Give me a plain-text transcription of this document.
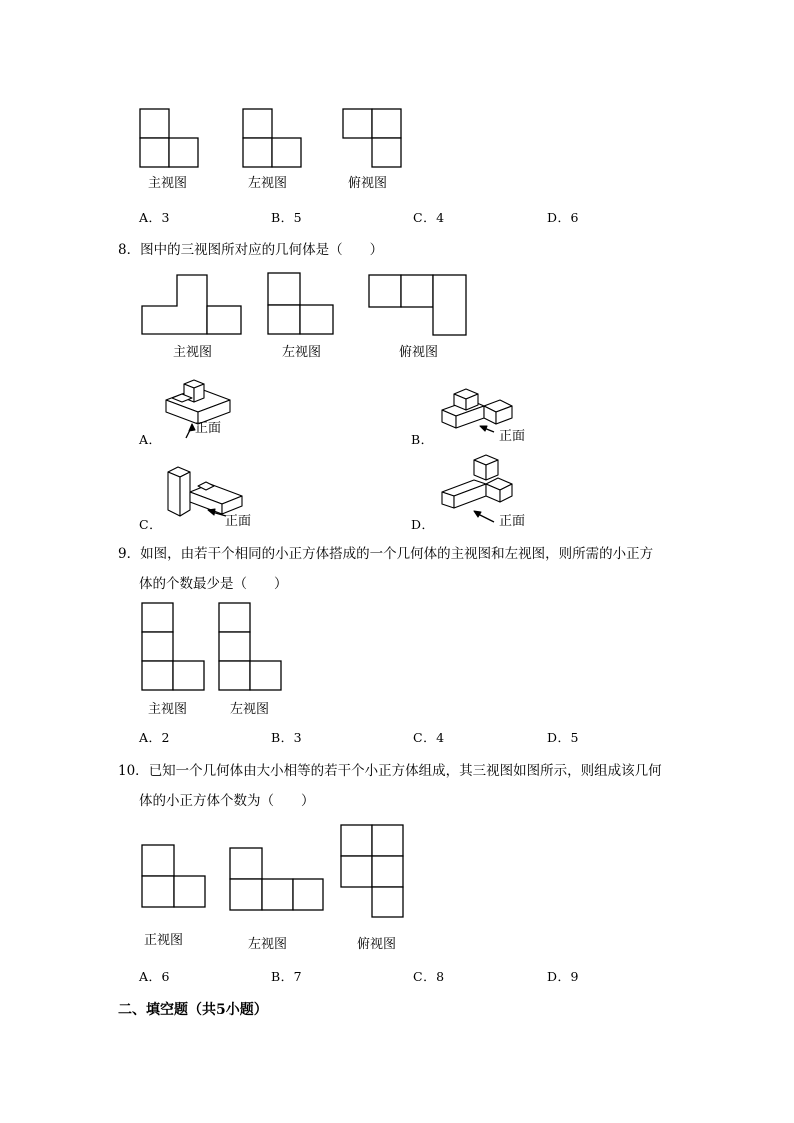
主视图	左视图	俯视图
A．3	B．5	C．4	D．6
8．图中的三视图所对应的几何体是（　　）
主视图	左视图	俯视图
正面
A．	正面
B．
正面
C．	正面
D．
9．如图，由若干个相同的小正方体搭成的一个几何体的主视图和左视图，则所需的小正方
体的个数最少是（　　）
主视图	左视图
A．2	B．3	C．4	D．5
10．已知一个几何体由大小相等的若干个小正方体组成，其三视图如图所示，则组成该几何
体的小正方体个数为（　　）
正视图	左视图	俯视图
A．6	B．7	C．8	D．9
二、填空题（共5小题）
